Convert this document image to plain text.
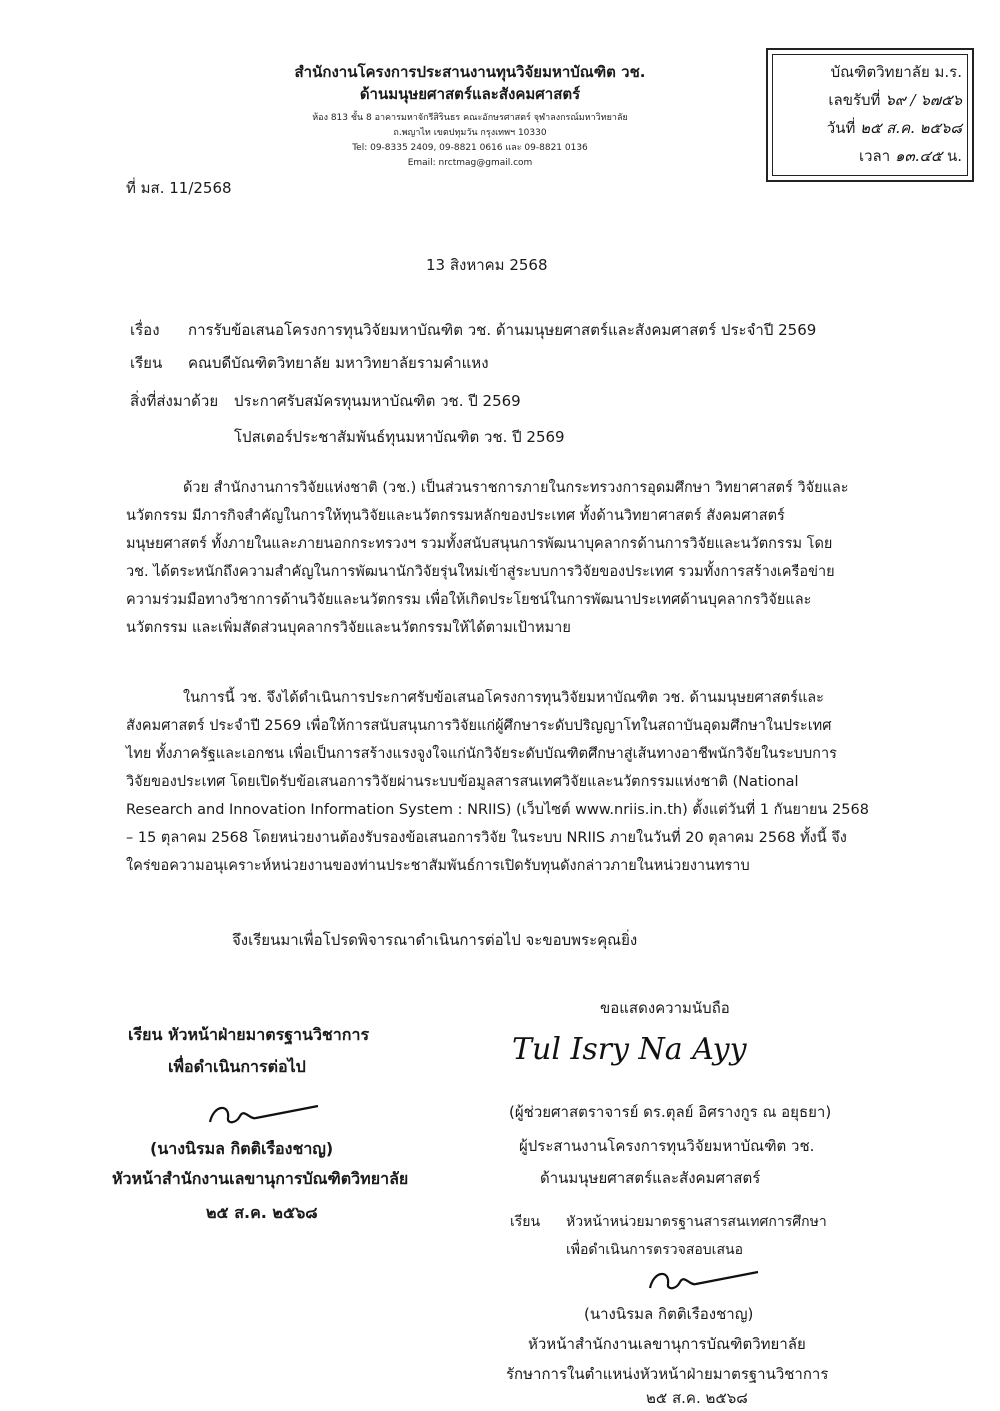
สำนักงานโครงการประสานงานทุนวิจัยมหาบัณฑิต วช.
ด้านมนุษยศาสตร์และสังคมศาสตร์
ห้อง 813 ชั้น 8 อาคารมหาจักรีสิรินธร คณะอักษรศาสตร์ จุฬาลงกรณ์มหาวิทยาลัย
ถ.พญาไท เขตปทุมวัน กรุงเทพฯ 10330
Tel: 09-8335 2409, 09-8821 0616 และ 09-8821 0136
Email: nrctmag@gmail.com
บัณฑิตวิทยาลัย ม.ร.
เลขรับที่ ๖๙ / ๖๗๕๖
วันที่ ๒๕ ส.ค. ๒๕๖๘
เวลา ๑๓.๔๕ น.
ที่ มส. 11/2568
13 สิงหาคม 2568
เรื่อง การรับข้อเสนอโครงการทุนวิจัยมหาบัณฑิต วช. ด้านมนุษยศาสตร์และสังคมศาสตร์ ประจำปี 2569
เรียน คณบดีบัณฑิตวิทยาลัย มหาวิทยาลัยรามคำแหง
สิ่งที่ส่งมาด้วย ประกาศรับสมัครทุนมหาบัณฑิต วช. ปี 2569
โปสเตอร์ประชาสัมพันธ์ทุนมหาบัณฑิต วช. ปี 2569
ด้วย สำนักงานการวิจัยแห่งชาติ (วช.) เป็นส่วนราชการภายในกระทรวงการอุดมศึกษา วิทยาศาสตร์ วิจัยและ
นวัตกรรม มีภารกิจสำคัญในการให้ทุนวิจัยและนวัตกรรมหลักของประเทศ ทั้งด้านวิทยาศาสตร์ สังคมศาสตร์
มนุษยศาสตร์ ทั้งภายในและภายนอกกระทรวงฯ รวมทั้งสนับสนุนการพัฒนาบุคลากรด้านการวิจัยและนวัตกรรม โดย
วช. ได้ตระหนักถึงความสำคัญในการพัฒนานักวิจัยรุ่นใหม่เข้าสู่ระบบการวิจัยของประเทศ รวมทั้งการสร้างเครือข่าย
ความร่วมมือทางวิชาการด้านวิจัยและนวัตกรรม เพื่อให้เกิดประโยชน์ในการพัฒนาประเทศด้านบุคลากรวิจัยและ
นวัตกรรม และเพิ่มสัดส่วนบุคลากรวิจัยและนวัตกรรมให้ได้ตามเป้าหมาย
ในการนี้ วช. จึงได้ดำเนินการประกาศรับข้อเสนอโครงการทุนวิจัยมหาบัณฑิต วช. ด้านมนุษยศาสตร์และ
สังคมศาสตร์ ประจำปี 2569 เพื่อให้การสนับสนุนการวิจัยแก่ผู้ศึกษาระดับปริญญาโทในสถาบันอุดมศึกษาในประเทศ
ไทย ทั้งภาครัฐและเอกชน เพื่อเป็นการสร้างแรงจูงใจแก่นักวิจัยระดับบัณฑิตศึกษาสู่เส้นทางอาชีพนักวิจัยในระบบการ
วิจัยของประเทศ โดยเปิดรับข้อเสนอการวิจัยผ่านระบบข้อมูลสารสนเทศวิจัยและนวัตกรรมแห่งชาติ (National
Research and Innovation Information System : NRIIS) (เว็บไซต์ www.nriis.in.th) ตั้งแต่วันที่ 1 กันยายน 2568
– 15 ตุลาคม 2568 โดยหน่วยงานต้องรับรองข้อเสนอการวิจัย ในระบบ NRIIS ภายในวันที่ 20 ตุลาคม 2568 ทั้งนี้ จึง
ใคร่ขอความอนุเคราะห์หน่วยงานของท่านประชาสัมพันธ์การเปิดรับทุนดังกล่าวภายในหน่วยงานทราบ
จึงเรียนมาเพื่อโปรดพิจารณาดำเนินการต่อไป จะขอบพระคุณยิ่ง
ขอแสดงความนับถือ
Tul Isry Na Ayy
(ผู้ช่วยศาสตราจารย์ ดร.ตุลย์ อิศรางกูร ณ อยุธยา)
ผู้ประสานงานโครงการทุนวิจัยมหาบัณฑิต วช.
ด้านมนุษยศาสตร์และสังคมศาสตร์
เรียน หัวหน้าฝ่ายมาตรฐานวิชาการ
เพื่อดำเนินการต่อไป
(นางนิรมล กิตติเรืองชาญ)
หัวหน้าสำนักงานเลขานุการบัณฑิตวิทยาลัย
๒๕ ส.ค. ๒๕๖๘	เรียน หัวหน้าหน่วยมาตรฐานสารสนเทศการศึกษา
เพื่อดำเนินการตรวจสอบเสนอ
(นางนิรมล กิตติเรืองชาญ)
หัวหน้าสำนักงานเลขานุการบัณฑิตวิทยาลัย
รักษาการในตำแหน่งหัวหน้าฝ่ายมาตรฐานวิชาการ
๒๕ ส.ค. ๒๕๖๘
